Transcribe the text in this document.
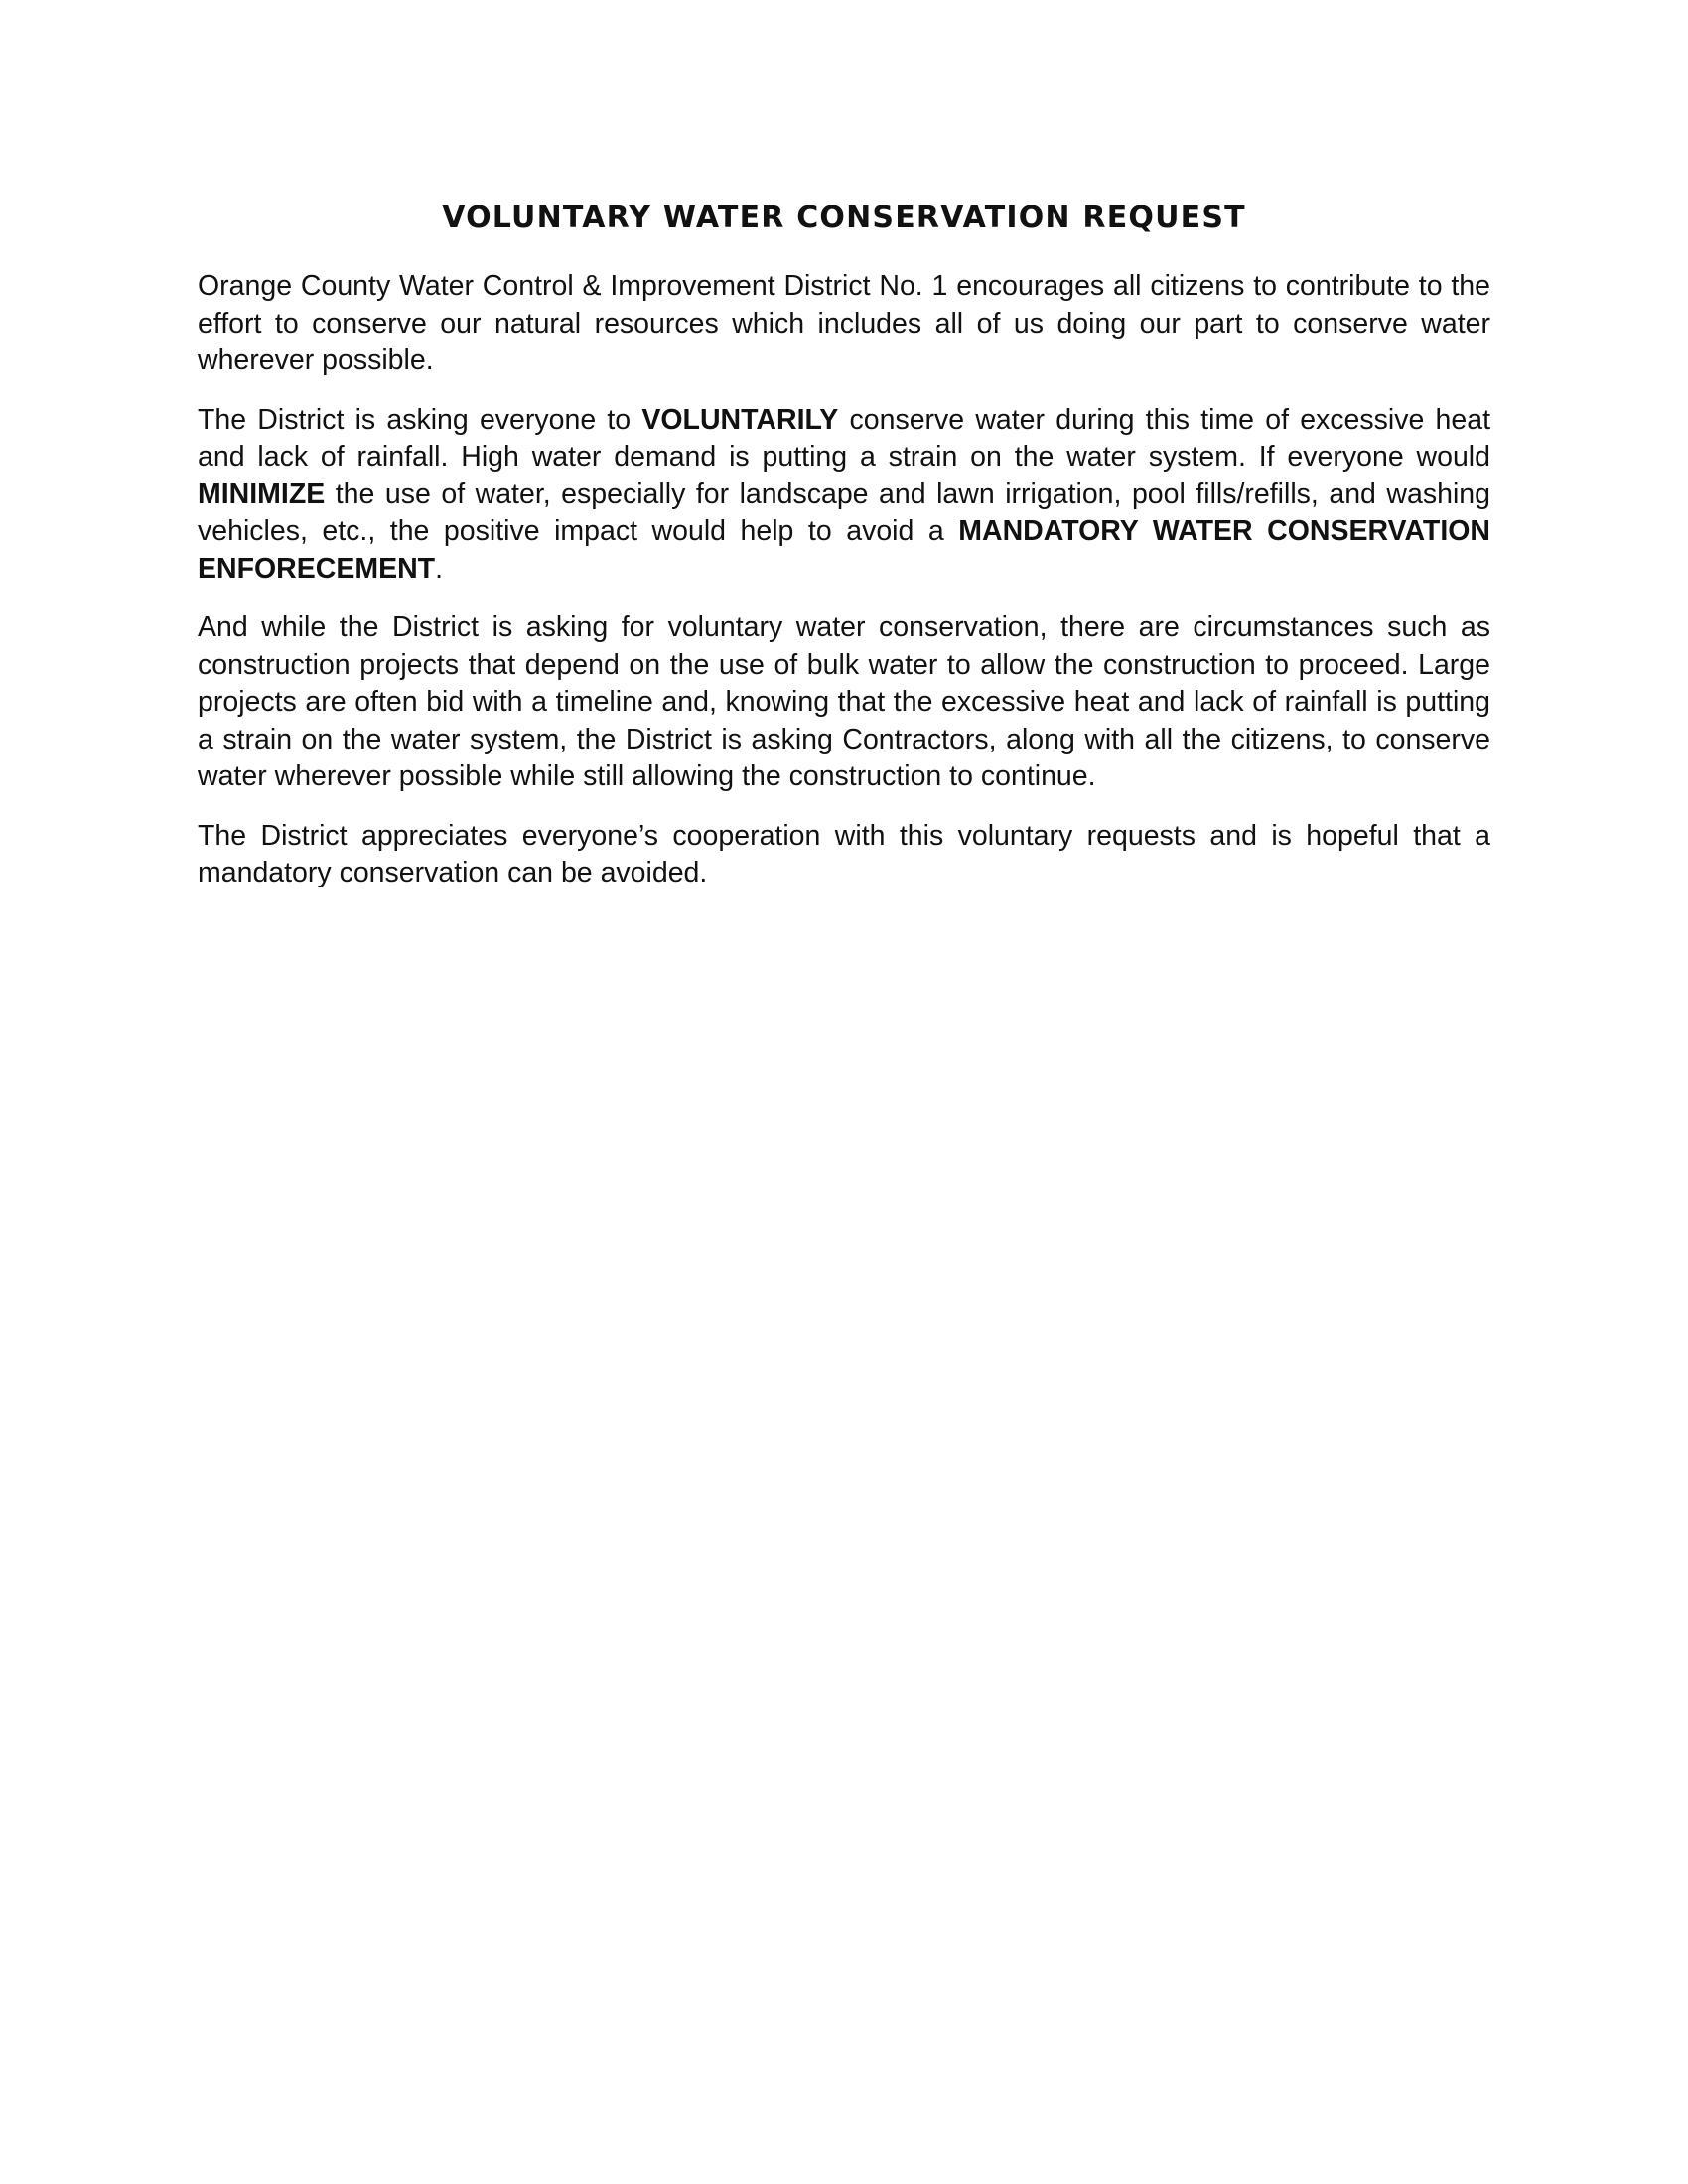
VOLUNTARY WATER CONSERVATION REQUEST

Orange County Water Control & Improvement District No. 1 encourages all citizens to contribute to the effort to conserve our natural resources which includes all of us doing our part to conserve water wherever possible.

The District is asking everyone to VOLUNTARILY conserve water during this time of excessive heat and lack of rainfall. High water demand is putting a strain on the water system. If everyone would MINIMIZE the use of water, especially for landscape and lawn irrigation, pool fills/refills, and washing vehicles, etc., the positive impact would help to avoid a MANDATORY WATER CONSERVATION ENFORECEMENT.

And while the District is asking for voluntary water conservation, there are circumstances such as construction projects that depend on the use of bulk water to allow the construction to proceed. Large projects are often bid with a timeline and, knowing that the excessive heat and lack of rainfall is putting a strain on the water system, the District is asking Contractors, along with all the citizens, to conserve water wherever possible while still allowing the construction to continue.

The District appreciates everyone’s cooperation with this voluntary requests and is hopeful that a mandatory conservation can be avoided.
